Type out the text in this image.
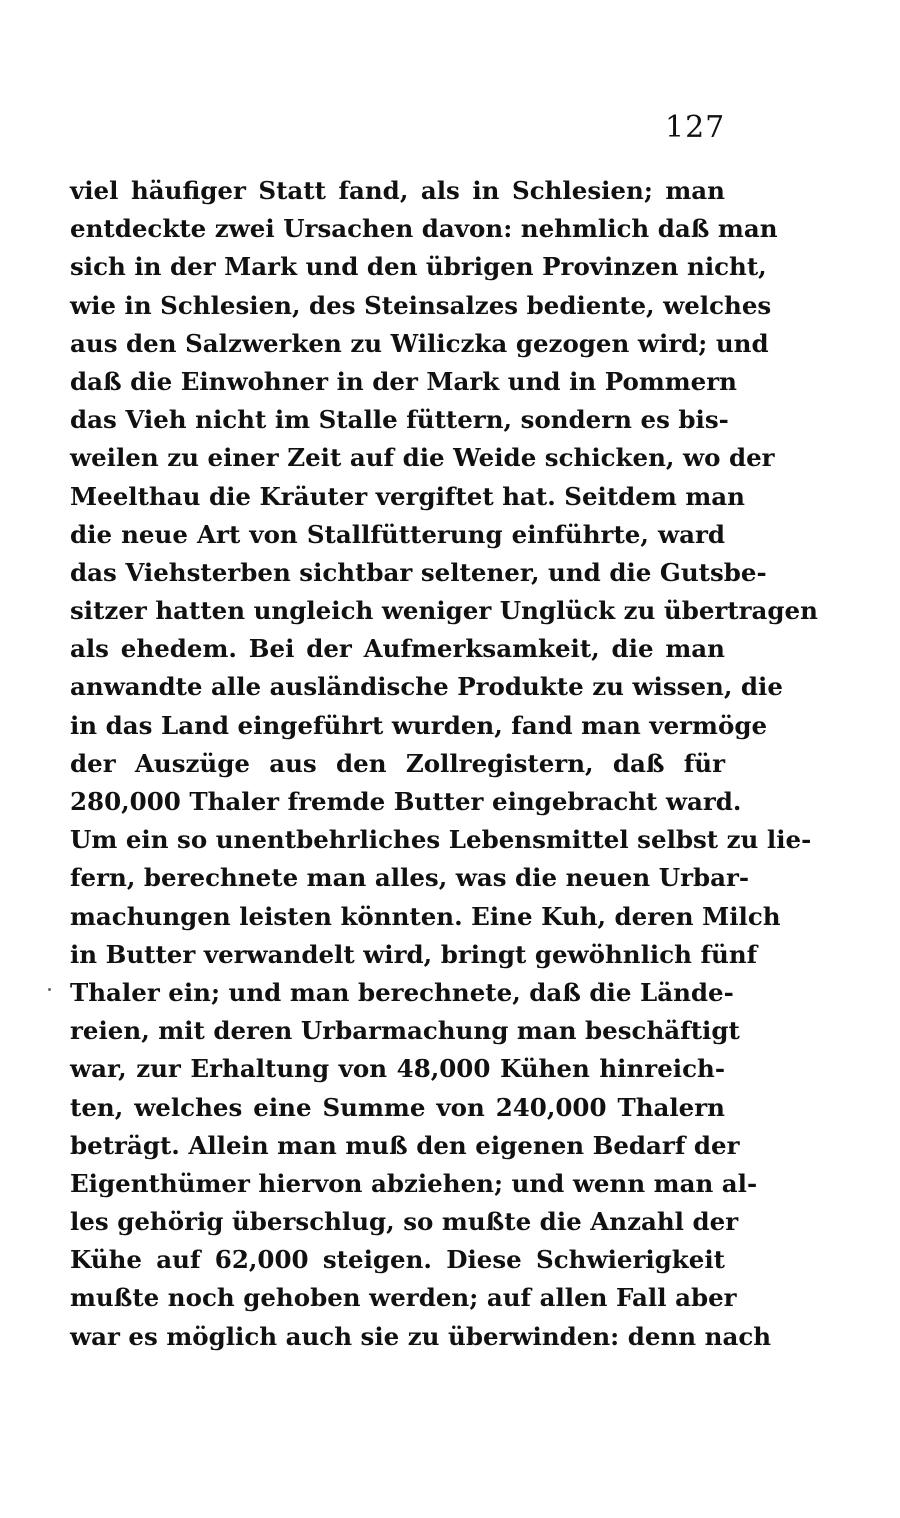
127
viel häufiger Statt fand, als in Schlesien; man
entdeckte zwei Ursachen davon: nehmlich daß man
sich in der Mark und den übrigen Provinzen nicht,
wie in Schlesien, des Steinsalzes bediente, welches
aus den Salzwerken zu Wiliczka gezogen wird; und
daß die Einwohner in der Mark und in Pommern
das Vieh nicht im Stalle füttern, sondern es bis-
weilen zu einer Zeit auf die Weide schicken, wo der
Meelthau die Kräuter vergiftet hat. Seitdem man
die neue Art von Stallfütterung einführte, ward
das Viehsterben sichtbar seltener, und die Gutsbe-
sitzer hatten ungleich weniger Unglück zu übertragen
als ehedem. Bei der Aufmerksamkeit, die man
anwandte alle ausländische Produkte zu wissen, die
in das Land eingeführt wurden, fand man vermöge
der Auszüge aus den Zollregistern, daß für
280,000 Thaler fremde Butter eingebracht ward.
Um ein so unentbehrliches Lebensmittel selbst zu lie-
fern, berechnete man alles, was die neuen Urbar-
machungen leisten könnten. Eine Kuh, deren Milch
in Butter verwandelt wird, bringt gewöhnlich fünf
Thaler ein; und man berechnete, daß die Lände-
reien, mit deren Urbarmachung man beschäftigt
war, zur Erhaltung von 48,000 Kühen hinreich-
ten, welches eine Summe von 240,000 Thalern
beträgt. Allein man muß den eigenen Bedarf der
Eigenthümer hiervon abziehen; und wenn man al-
les gehörig überschlug, so mußte die Anzahl der
Kühe auf 62,000 steigen. Diese Schwierigkeit
mußte noch gehoben werden; auf allen Fall aber
war es möglich auch sie zu überwinden: denn nach
